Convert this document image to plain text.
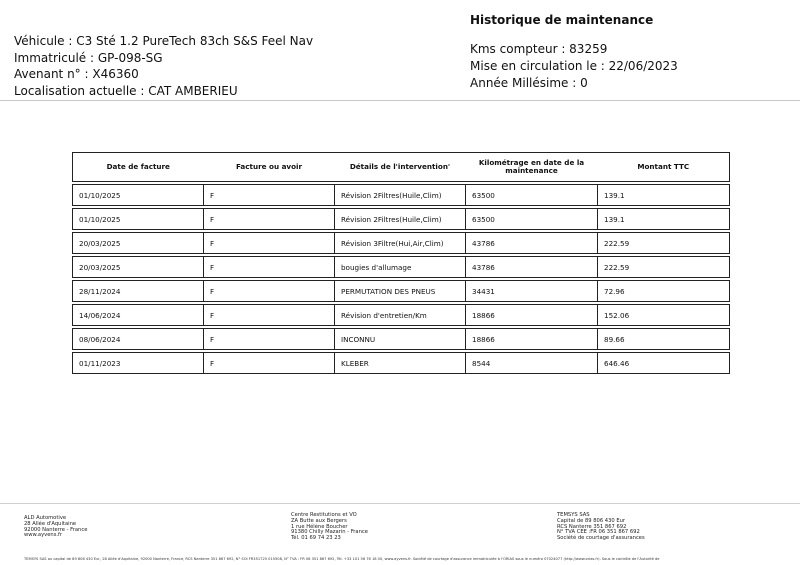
Véhicule : C3 Sté 1.2 PureTech 83ch S&S Feel Nav
Immatriculé : GP-098-SG
Avenant n° : X46360
Localisation actuelle : CAT AMBERIEU
Historique de maintenance
Kms compteur : 83259
Mise en circulation le : 22/06/2023
Année Millésime : 0
Date de facture	Facture ou avoir	Détails de l'intervention'	Kilométrage en date de la maintenance	Montant TTC

01/10/2025	F	Révision 2Filtres(Huile,Clim)	63500	139.1

01/10/2025	F	Révision 2Filtres(Huile,Clim)	63500	139.1

20/03/2025	F	Révision 3Filtre(Hui,Air,Clim)	43786	222.59

20/03/2025	F	bougies d'allumage	43786	222.59

28/11/2024	F	PERMUTATION DES PNEUS	34431	72.96

14/06/2024	F	Révision d'entretien/Km	18866	152.06

08/06/2024	F	INCONNU	18866	89.66

01/11/2023	F	KLEBER	8544	646.46
ALD Automotive
28 Allée d'Aquitaine
92000 Nanterre - France
www.ayvens.fr
Centre Restitutions et VO
ZA Butte aux Bergers
1 rue Hélène Boucher
91380 Chilly Mazarin - France
Tél. 01 69 74 23 23
TEMSYS SAS
Capital de 89 806 430 Eur
RCS Nanterre 351 867 692
N° TVA CEE :FR 06 351 867 692
Société de courtage d'assurances
TEMSYS SAS au capital de 89 806 430 Eur, 28 Allée d'Aquitaine, 92000 Nanterre, France, RCS Nanterre 351 867 692, N° SOI FR351725 015508, N° TVA : FR 06 351 867 692, Tél. +33 101 56 76 18 00, www.ayvens.fr. Société de courtage d'assurance immatriculée à l'ORIAS sous le numéro 07024077 (http://www.orias.fr). Sous le contrôle de l'Autorité de
